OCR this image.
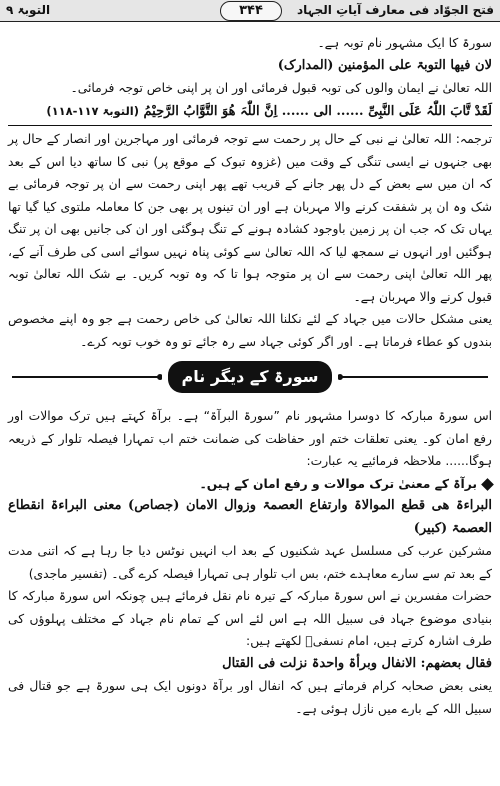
فتح الجوّاد فی معارف آیاتِ الجہاد
۳۴۴
التوبۃ ۹

سورۃ کا ایک مشہور نام توبہ ہے۔

لان فیھا التوبۃ علی المؤمنین (المدارک)

اللہ تعالیٰ نے ایمان والوں کی توبہ قبول فرمائی اور ان پر اپنی خاص توجہ فرمائی۔

لَقَدْ تَّابَ اللّٰہُ عَلَی النَّبِیِّ ...... الی ...... اِنَّ اللّٰہَ ھُوَ التَّوَّابُ الرَّحِیْمُ (التوبۃ ۱۱۷-۱۱۸)

ترجمہ: اللہ تعالیٰ نے نبی کے حال پر رحمت سے توجہ فرمائی اور مہاجرین اور انصار کے حال پر بھی جنہوں نے ایسی تنگی کے وقت میں (غزوہ تبوک کے موقع پر) نبی کا ساتھ دیا اس کے بعد کہ ان میں سے بعض کے دل پھر جانے کے قریب تھے پھر اپنی رحمت سے ان پر توجہ فرمائی بے شک وہ ان پر شفقت کرنے والا مہربان ہے اور ان تینوں پر بھی جن کا معاملہ ملتوی کیا گیا تھا یہاں تک کہ جب ان پر زمین باوجود کشادہ ہونے کے تنگ ہوگئی اور ان کی جانیں بھی ان پر تنگ ہوگئیں اور انہوں نے سمجھ لیا کہ اللہ تعالیٰ سے کوئی پناہ نہیں سوائے اسی کی طرف آنے کے، پھر اللہ تعالیٰ اپنی رحمت سے ان پر متوجہ ہوا تا کہ وہ توبہ کریں۔ بے شک اللہ تعالیٰ توبہ قبول کرنے والا مہربان ہے۔

یعنی مشکل حالات میں جہاد کے لئے نکلنا اللہ تعالیٰ کی خاص رحمت ہے جو وہ اپنے مخصوص بندوں کو عطاء فرماتا ہے۔ اور اگر کوئی جہاد سے رہ جائے تو وہ خوب توبہ کرے۔

سورۃ کے دیگر نام

اس سورۃ مبارکہ کا دوسرا مشہور نام ”سورۃ البرآۃ“ ہے۔ برآۃ کہتے ہیں ترک موالات اور رفع امان کو۔ یعنی تعلقات ختم اور حفاظت کی ضمانت ختم اب تمہارا فیصلہ تلوار کے ذریعہ ہوگا...... ملاحظہ فرمائیے یہ عبارت:

برآۃ کے معنیٰ ترک موالات و رفع امان کے ہیں۔

البراءۃ ھی قطع الموالاۃ وارتفاع العصمۃ وزوال الامان (جصاص) معنی البراءۃ انقطاع العصمۃ (کبیر)

مشرکین عرب کی مسلسل عہد شکنیوں کے بعد اب انہیں نوٹس دیا جا رہا ہے کہ اتنی مدت کے بعد تم سے سارے معاہدے ختم، بس اب تلوار ہی تمہارا فیصلہ کرے گی۔ (تفسیر ماجدی)

حضرات مفسرین نے اس سورۃ مبارکہ کے تیرہ نام نقل فرمائے ہیں چونکہ اس سورۃ مبارکہ کا بنیادی موضوع جہاد فی سبیل اللہ ہے اس لئے اس کے تمام نام جہاد کے مختلف پہلوؤں کی طرف اشارہ کرتے ہیں، امام نسفیؒ لکھتے ہیں:

فقال بعضھم: الانفال وبرأۃ واحدۃ نزلت فی القتال

یعنی بعض صحابہ کرام فرماتے ہیں کہ انفال اور برآۃ دونوں ایک ہی سورۃ ہے جو قتال فی سبیل اللہ کے بارے میں نازل ہوئی ہے۔
